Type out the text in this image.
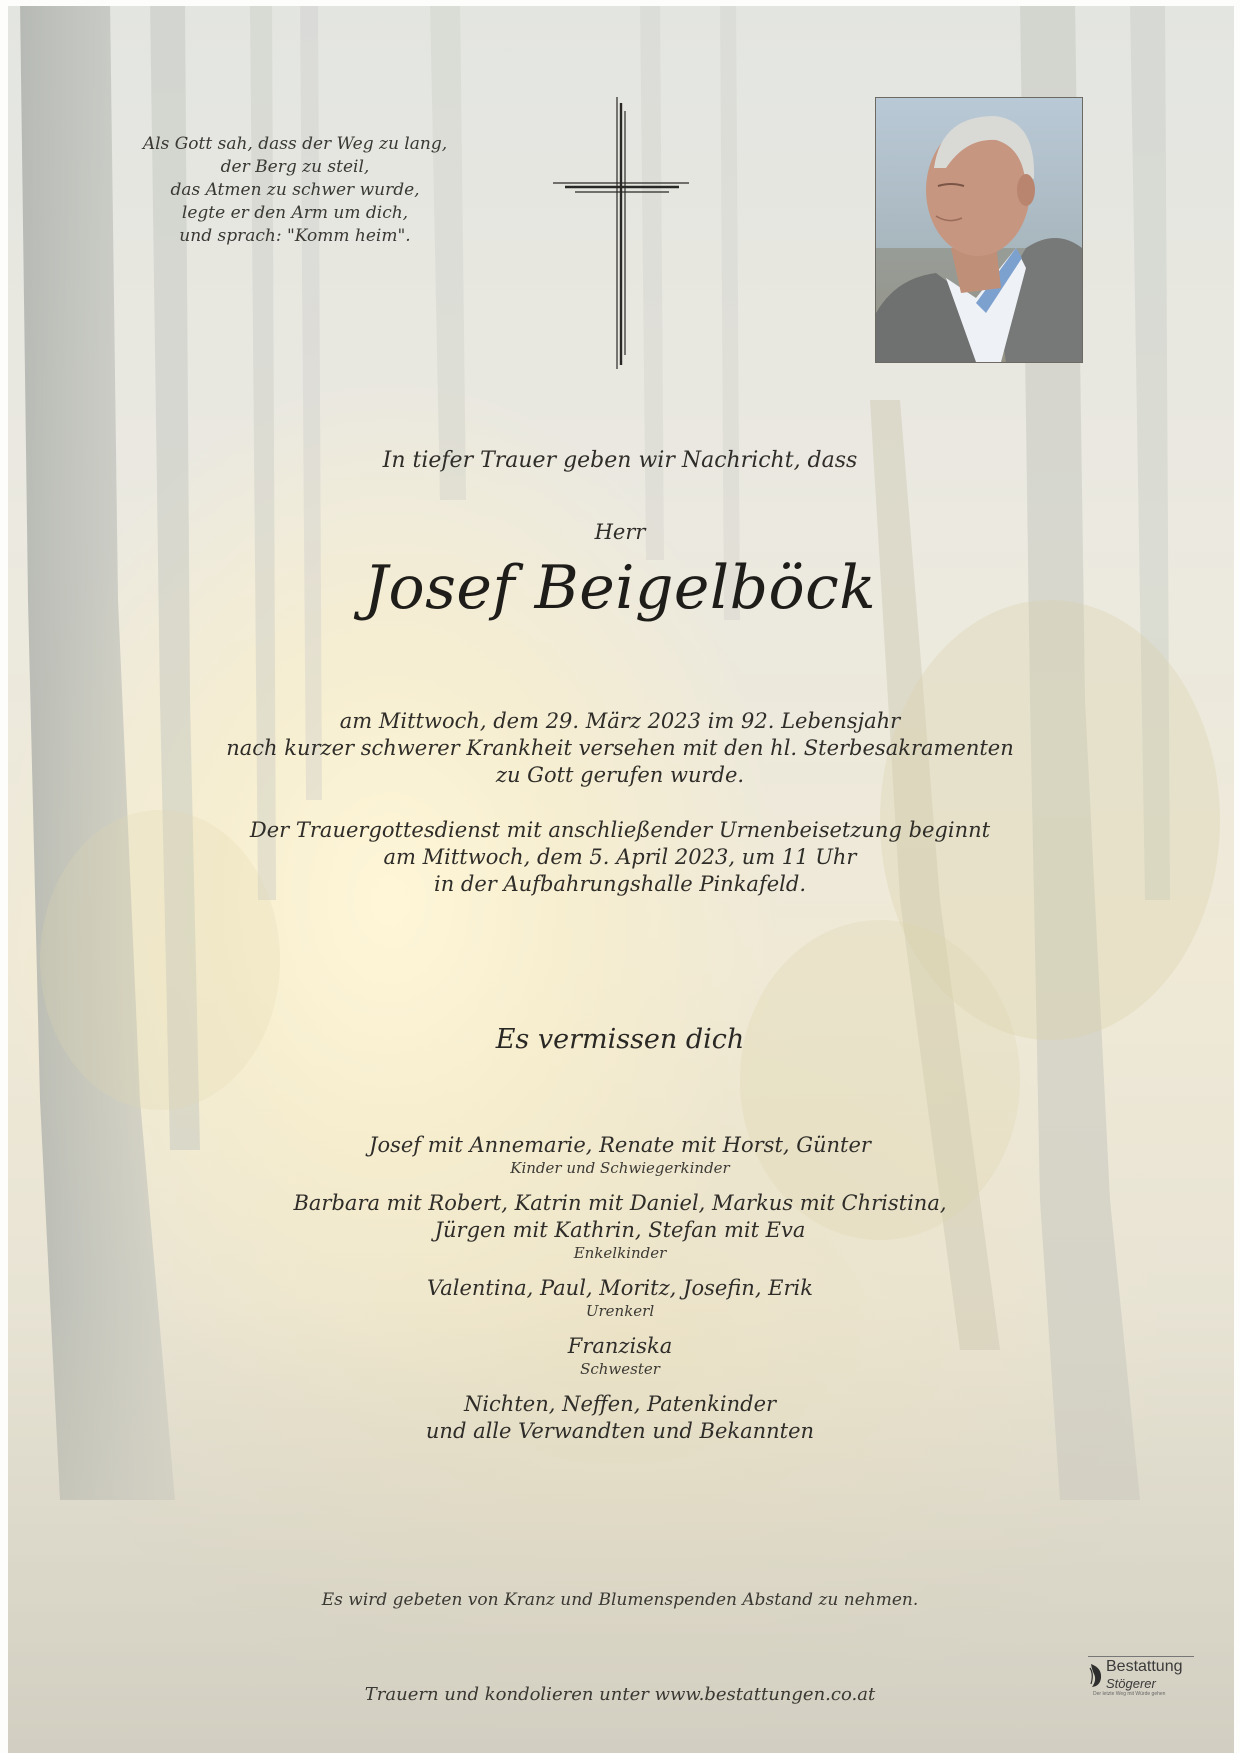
Als Gott sah, dass der Weg zu lang,
der Berg zu steil,
das Atmen zu schwer wurde,
legte er den Arm um dich,
und sprach: "Komm heim".
In tiefer Trauer geben wir Nachricht, dass
Herr
Josef Beigelböck
am Mittwoch, dem 29. März 2023 im 92. Lebensjahr
nach kurzer schwerer Krankheit versehen mit den hl. Sterbesakramenten
zu Gott gerufen wurde.
Der Trauergottesdienst mit anschließender Urnenbeisetzung beginnt
am Mittwoch, dem 5. April 2023, um 11 Uhr
in der Aufbahrungshalle Pinkafeld.
Es vermissen dich
Josef mit Annemarie, Renate mit Horst, Günter
Kinder und Schwiegerkinder
Barbara mit Robert, Katrin mit Daniel, Markus mit Christina,
Jürgen mit Kathrin, Stefan mit Eva
Enkelkinder
Valentina, Paul, Moritz, Josefin, Erik
Urenkerl
Franziska
Schwester
Nichten, Neffen, Patenkinder
und alle Verwandten und Bekannten
Es wird gebeten von Kranz und Blumenspenden Abstand zu nehmen.
Trauern und kondolieren unter www.bestattungen.co.at
Bestattung
Stögerer
Der letzte Weg mit Würde gehen
